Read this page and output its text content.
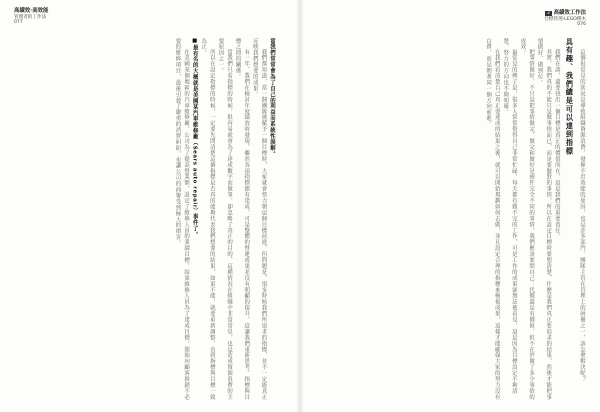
高績效·高效能
管理者的工作法
077

當我們常常會為了自己的利益而系統性誤解。

我們都知道，當一個團隊被賦予一個目標時，大家就會努力朝這個目標前進，但問題是，很多時候我們所追求的指標，並不一定能真正反映我們想要的成果。

有一年，我們在檢討年度績效時發現，雖然各項指標都有達成，可是整體的營運成果並沒有明顯的提升，這讓我們重新思考，指標與目標之間的關係。

當我們只看指標的時候，很容易就會為了達成數字而做事，卻忽略了真正的目的，這種情況在組織中非常常見，也是造成資源浪費的主要原因之一。

所以在設定指標的時候，一定要先問清楚這個指標是否真的能夠代表我們想要的結果，如果不能，就要重新調整，直到指標與目標一致為止。

■最有名的大概就是美國某汽車維修廠（Sears auto repair）事件了。

在美國某個地區的汽車維修廠，公司為了提高營業額，設定了維修人員的業績目標，結果維修人員為了達成目標，開始向顧客推銷不必要的維修項目，最後引發了嚴重的消費糾紛，也讓公司的商譽受到極大的損害。

3 高績效工作法
目標管理·LEGO積木
076

這個很常見的狀況是導致組織資源浪費、發揮不出效能的原因，也是許多部門、團隊主管在管理上的困擾之一，該怎麼解決呢？

具有趣、我們總是可以達到指標

我們在談，還要找出一個目標是真正的價值所在，這是我們的重要責任。

其實，我們真的不能只是做事情而已，而是要做對的事情，所以在設定目標時要想清楚，什麼是我們真正要追求的結果，然後才能把事情做好、做到位。

把事情做好，不只是把事情做完，做完和做好是兩件完全不同的事情，我們應該要問自己：代價還是有價值，但不在於做了多少事情的成效。

最常見的例子是，很多人常常覺得自己非常忙碌，每天都有做不完的工作，可是工作的成果卻無法被看見，這是因為目標設定不夠清楚，努力的方向也不夠明確。

在我們看清楚自己真正要達成的結果之後，就可以開始規劃如何去做，並且設定合理的指標來檢視成果，這樣才能確保大家的努力沒有白費，而是朝著同一個方向前進。
